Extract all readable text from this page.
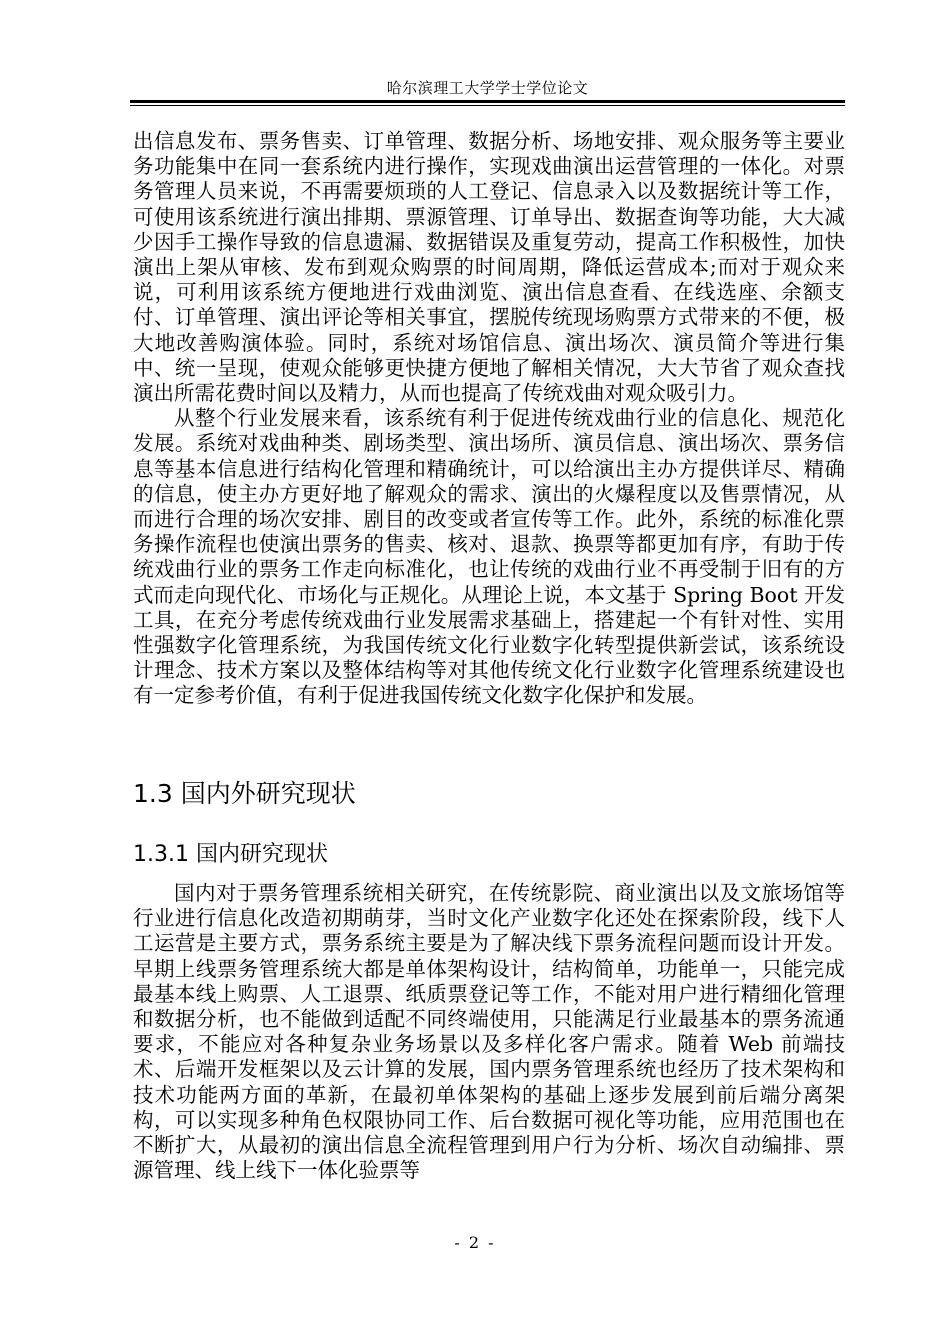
哈尔滨理工大学学士学位论文

出信息发布、票务售卖、订单管理、数据分析、场地安排、观众服务等主要业务功能集中在同一套系统内进行操作，实现戏曲演出运营管理的一体化。对票务管理人员来说，不再需要烦琐的人工登记、信息录入以及数据统计等工作，可使用该系统进行演出排期、票源管理、订单导出、数据查询等功能，大大减少因手工操作导致的信息遗漏、数据错误及重复劳动，提高工作积极性，加快演出上架从审核、发布到观众购票的时间周期，降低运营成本;而对于观众来说，可利用该系统方便地进行戏曲浏览、演出信息查看、在线选座、余额支付、订单管理、演出评论等相关事宜，摆脱传统现场购票方式带来的不便，极大地改善购演体验。同时，系统对场馆信息、演出场次、演员简介等进行集中、统一呈现，使观众能够更快捷方便地了解相关情况，大大节省了观众查找演出所需花费时间以及精力，从而也提高了传统戏曲对观众吸引力。

从整个行业发展来看，该系统有利于促进传统戏曲行业的信息化、规范化发展。系统对戏曲种类、剧场类型、演出场所、演员信息、演出场次、票务信息等基本信息进行结构化管理和精确统计，可以给演出主办方提供详尽、精确的信息，使主办方更好地了解观众的需求、演出的火爆程度以及售票情况，从而进行合理的场次安排、剧目的改变或者宣传等工作。此外，系统的标准化票务操作流程也使演出票务的售卖、核对、退款、换票等都更加有序，有助于传统戏曲行业的票务工作走向标准化，也让传统的戏曲行业不再受制于旧有的方式而走向现代化、市场化与正规化。从理论上说，本文基于 Spring Boot 开发工具，在充分考虑传统戏曲行业发展需求基础上，搭建起一个有针对性、实用性强数字化管理系统，为我国传统文化行业数字化转型提供新尝试，该系统设计理念、技术方案以及整体结构等对其他传统文化行业数字化管理系统建设也有一定参考价值，有利于促进我国传统文化数字化保护和发展。

1.3 国内外研究现状
1.3.1 国内研究现状

国内对于票务管理系统相关研究，在传统影院、商业演出以及文旅场馆等行业进行信息化改造初期萌芽，当时文化产业数字化还处在探索阶段，线下人工运营是主要方式，票务系统主要是为了解决线下票务流程问题而设计开发。早期上线票务管理系统大都是单体架构设计，结构简单，功能单一，只能完成最基本线上购票、人工退票、纸质票登记等工作，不能对用户进行精细化管理和数据分析，也不能做到适配不同终端使用，只能满足行业最基本的票务流通要求，不能应对各种复杂业务场景以及多样化客户需求。随着 Web 前端技术、后端开发框架以及云计算的发展，国内票务管理系统也经历了技术架构和技术功能两方面的革新，在最初单体架构的基础上逐步发展到前后端分离架构，可以实现多种角色权限协同工作、后台数据可视化等功能，应用范围也在不断扩大，从最初的演出信息全流程管理到用户行为分析、场次自动编排、票源管理、线上线下一体化验票等

- 2 -
